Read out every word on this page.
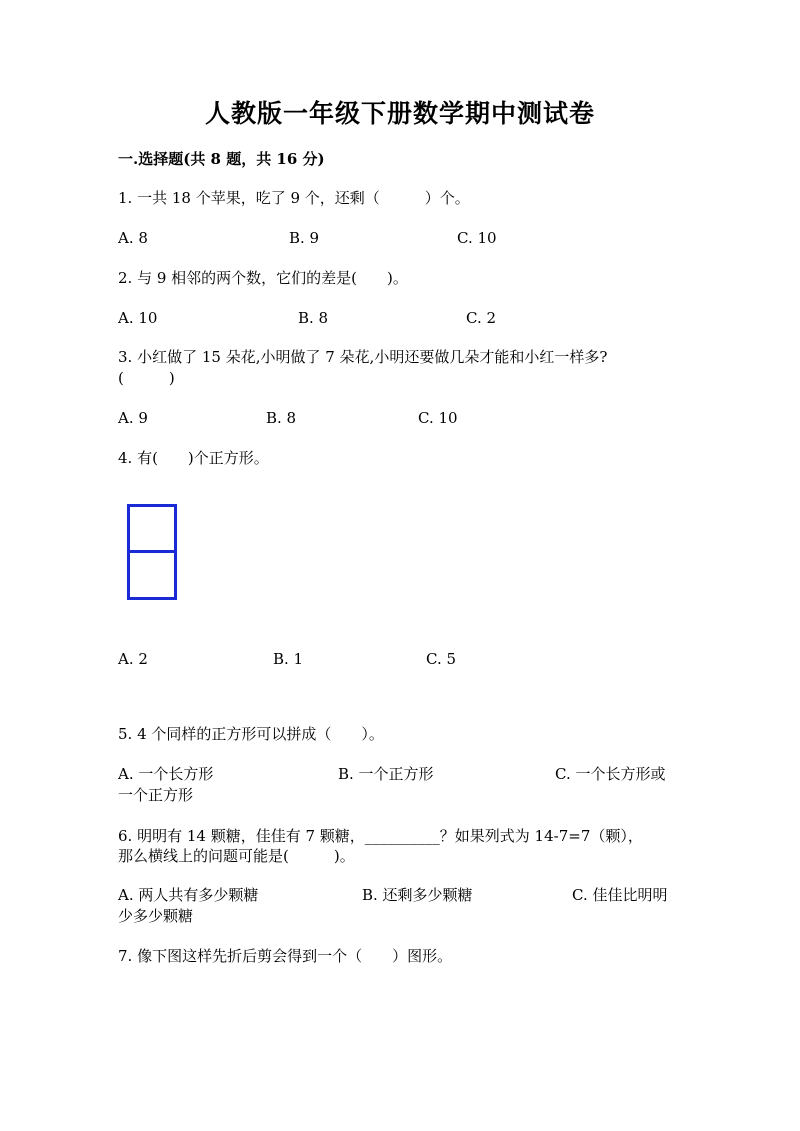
人教版一年级下册数学期中测试卷
一.选择题(共 8 题，共 16 分)
1. 一共 18 个苹果，吃了 9 个，还剩（　　　）个。
A. 8	B. 9	C. 10
2. 与 9 相邻的两个数，它们的差是(　　)。
A. 10	B. 8	C. 2
3. 小红做了 15 朵花,小明做了 7 朵花,小明还要做几朵才能和小红一样多?
(　　　)
A. 9	B. 8	C. 10
4. 有(　　)个正方形。
A. 2	B. 1	C. 5
5. 4 个同样的正方形可以拼成（　　）。
A. 一个长方形	B. 一个正方形	C. 一个长方形或
一个正方形
6. 明明有 14 颗糖，佳佳有 7 颗糖，__________？如果列式为 14-7=7（颗），
那么横线上的问题可能是(　　　)。
A. 两人共有多少颗糖	B. 还剩多少颗糖	C. 佳佳比明明
少多少颗糖
7. 像下图这样先折后剪会得到一个（　　）图形。
